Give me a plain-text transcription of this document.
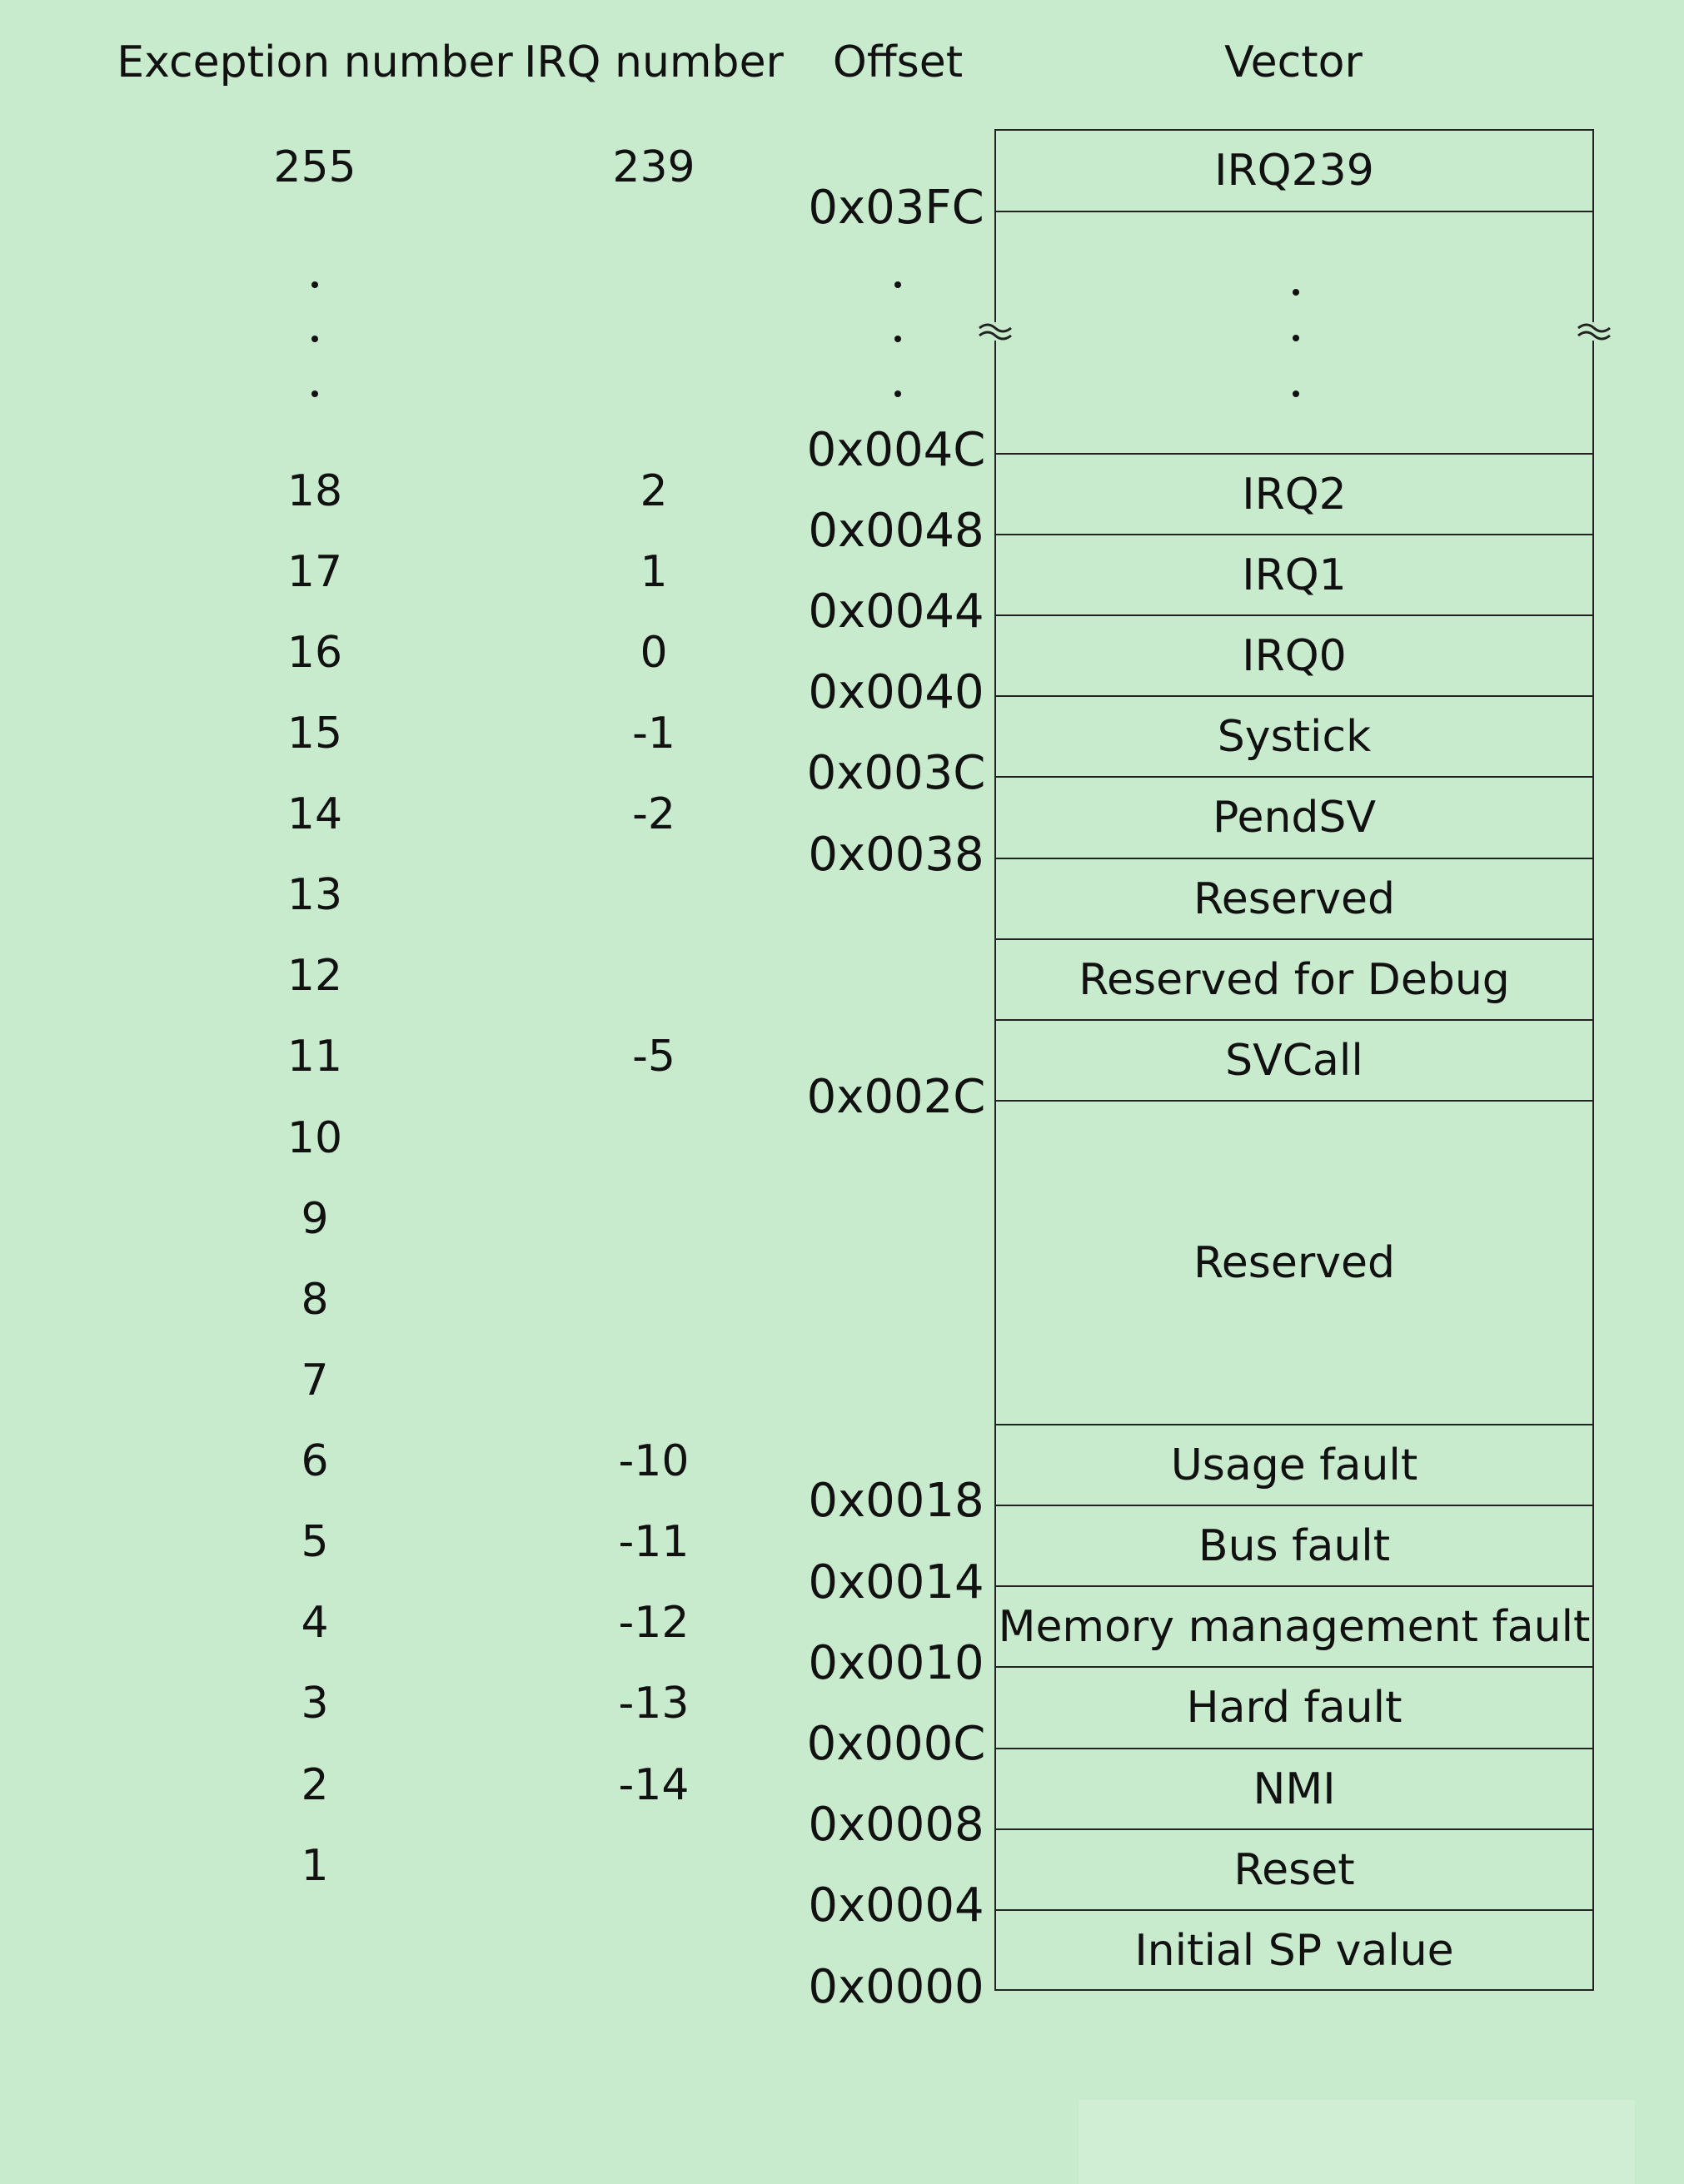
Exception number IRQ number Offset	Vector
255
18
17
16
15
14
13
12
11
10
9
8
7
6
5
4
3
2
1
239
2
1
0
-1
-2
-5
-10
-11
-12
-13
-14
0x03FC
0x004C
0x0048
0x0044
0x0040
0x003C
0x0038
0x002C
0x0018
0x0014
0x0010
0x000C
0x0008
0x0004
0x0000
IRQ239
IRQ2
IRQ1
IRQ0
Systick
PendSV
Reserved
Reserved for Debug
SVCall
Reserved
Usage fault
Bus fault
Memory management fault
Hard fault
NMI
Reset
Initial SP value
